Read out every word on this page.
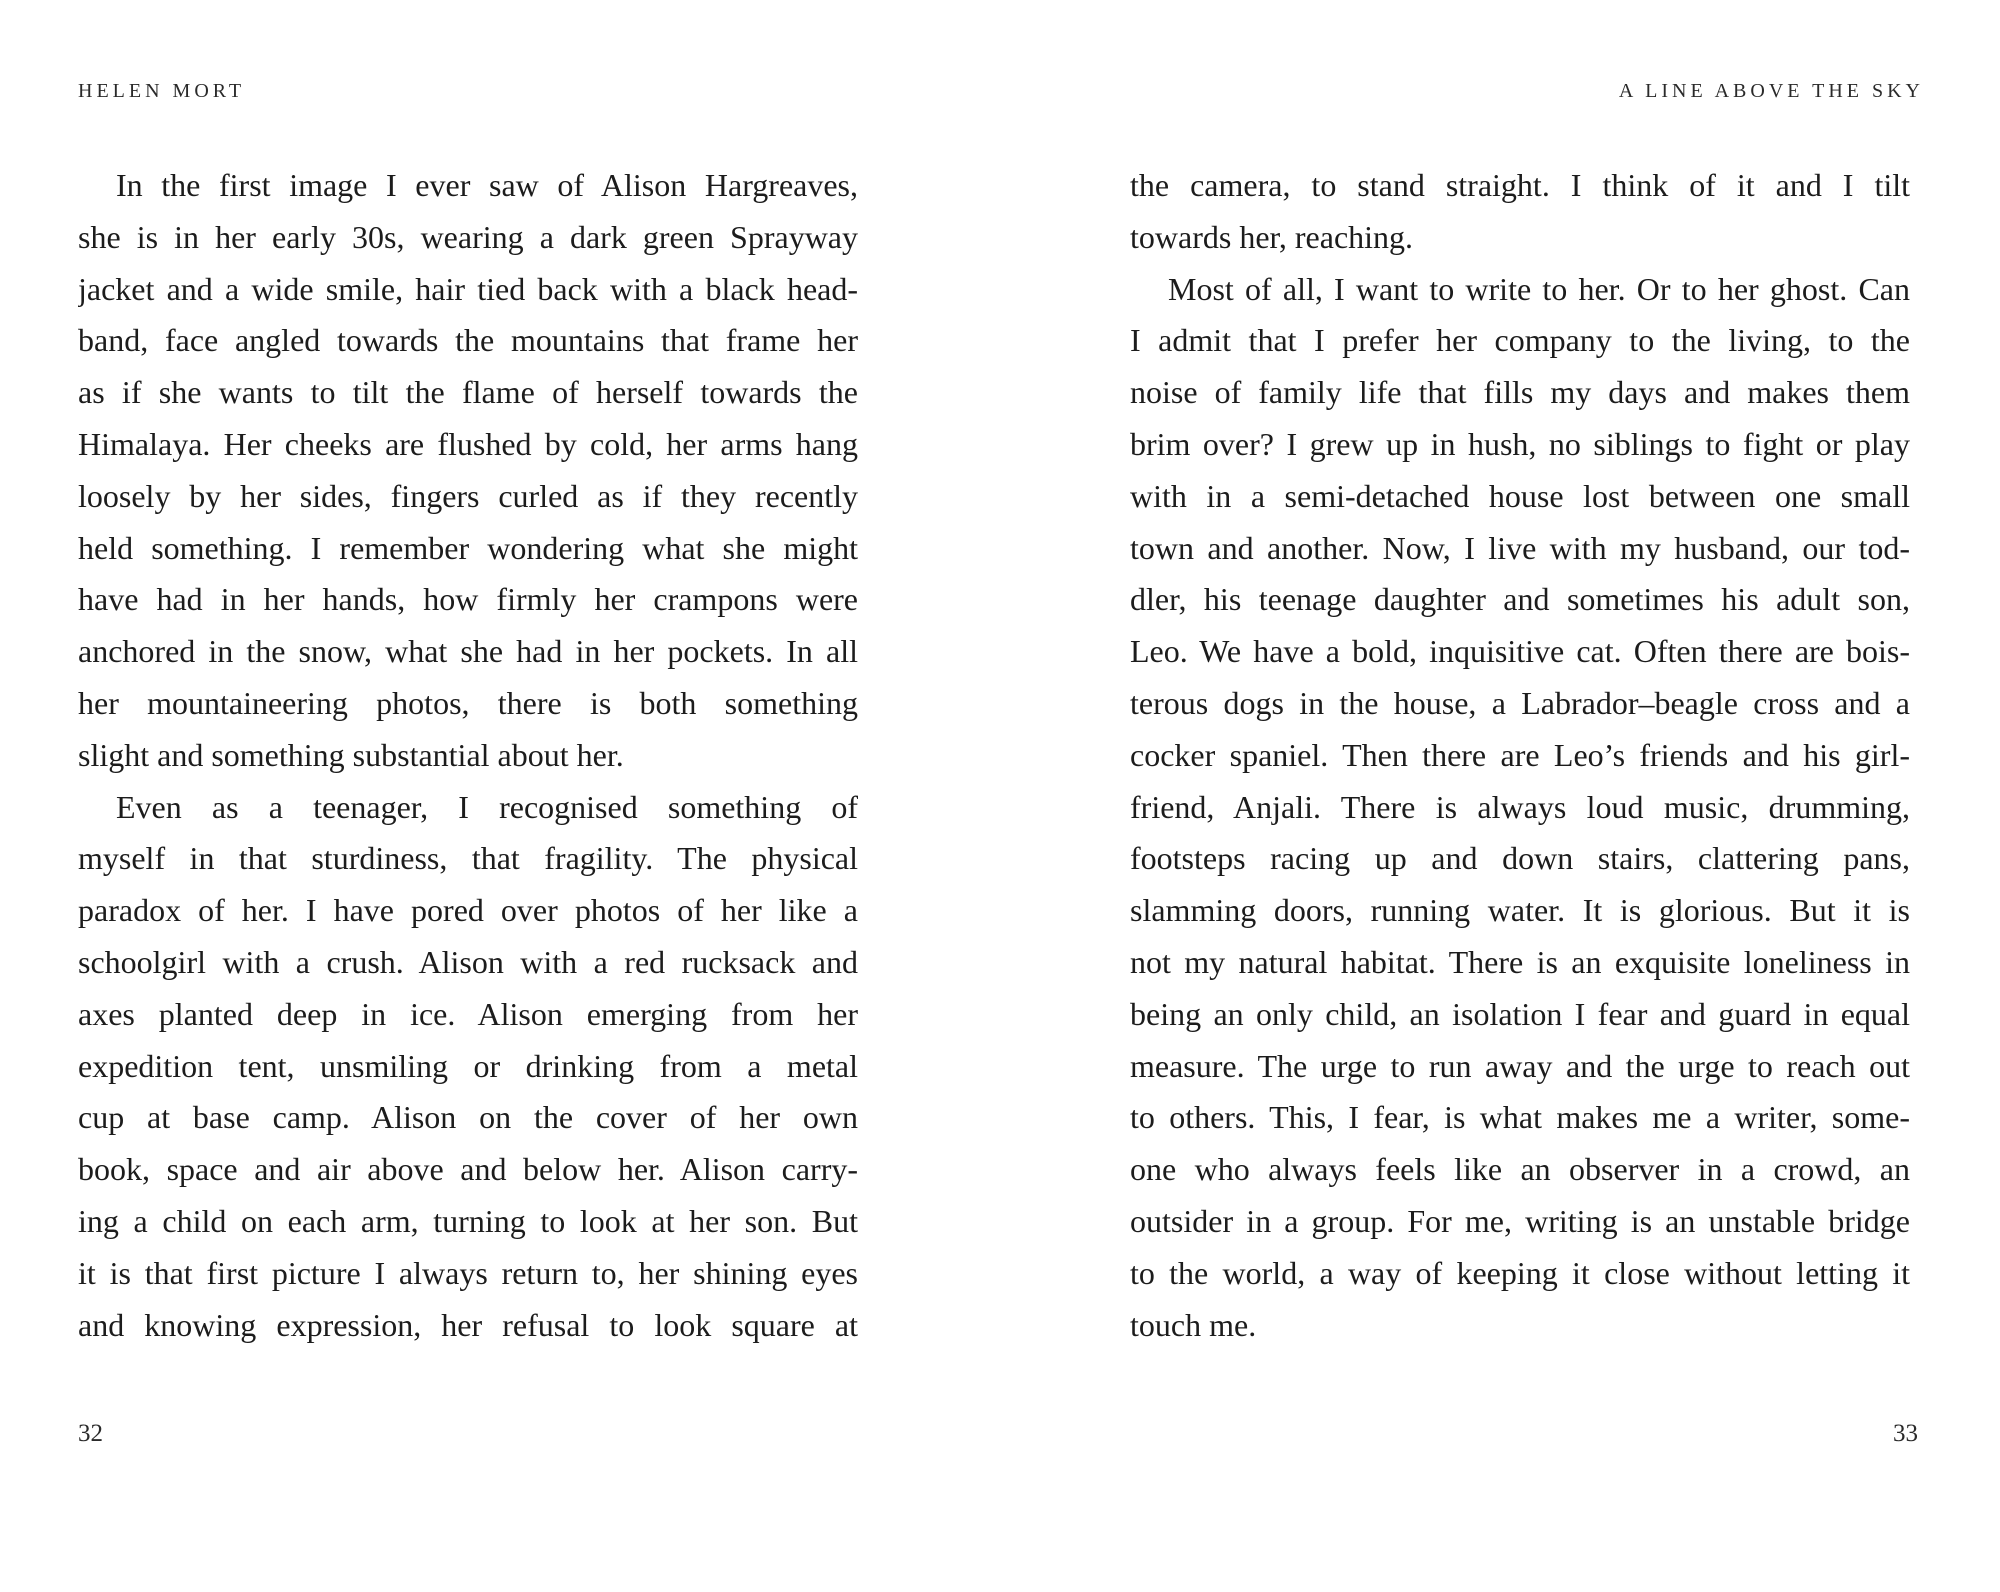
HELEN MORT
In the first image I ever saw of Alison Hargreaves,
she is in her early 30s, wearing a dark green Sprayway
jacket and a wide smile, hair tied back with a black head-
band, face angled towards the mountains that frame her
as if she wants to tilt the flame of herself towards the
Himalaya. Her cheeks are flushed by cold, her arms hang
loosely by her sides, fingers curled as if they recently
held something. I remember wondering what she might
have had in her hands, how firmly her crampons were
anchored in the snow, what she had in her pockets. In all
her mountaineering photos, there is both something
slight and something substantial about her.
Even as a teenager, I recognised something of
myself in that sturdiness, that fragility. The physical
paradox of her. I have pored over photos of her like a
schoolgirl with a crush. Alison with a red rucksack and
axes planted deep in ice. Alison emerging from her
expedition tent, unsmiling or drinking from a metal
cup at base camp. Alison on the cover of her own
book, space and air above and below her. Alison carry-
ing a child on each arm, turning to look at her son. But
it is that first picture I always return to, her shining eyes
and knowing expression, her refusal to look square at
32
A LINE ABOVE THE SKY
the camera, to stand straight. I think of it and I tilt
towards her, reaching.
Most of all, I want to write to her. Or to her ghost. Can
I admit that I prefer her company to the living, to the
noise of family life that fills my days and makes them
brim over? I grew up in hush, no siblings to fight or play
with in a semi-detached house lost between one small
town and another. Now, I live with my husband, our tod-
dler, his teenage daughter and sometimes his adult son,
Leo. We have a bold, inquisitive cat. Often there are bois-
terous dogs in the house, a Labrador–beagle cross and a
cocker spaniel. Then there are Leo’s friends and his girl-
friend, Anjali. There is always loud music, drumming,
footsteps racing up and down stairs, clattering pans,
slamming doors, running water. It is glorious. But it is
not my natural habitat. There is an exquisite loneliness in
being an only child, an isolation I fear and guard in equal
measure. The urge to run away and the urge to reach out
to others. This, I fear, is what makes me a writer, some-
one who always feels like an observer in a crowd, an
outsider in a group. For me, writing is an unstable bridge
to the world, a way of keeping it close without letting it
touch me.
33
